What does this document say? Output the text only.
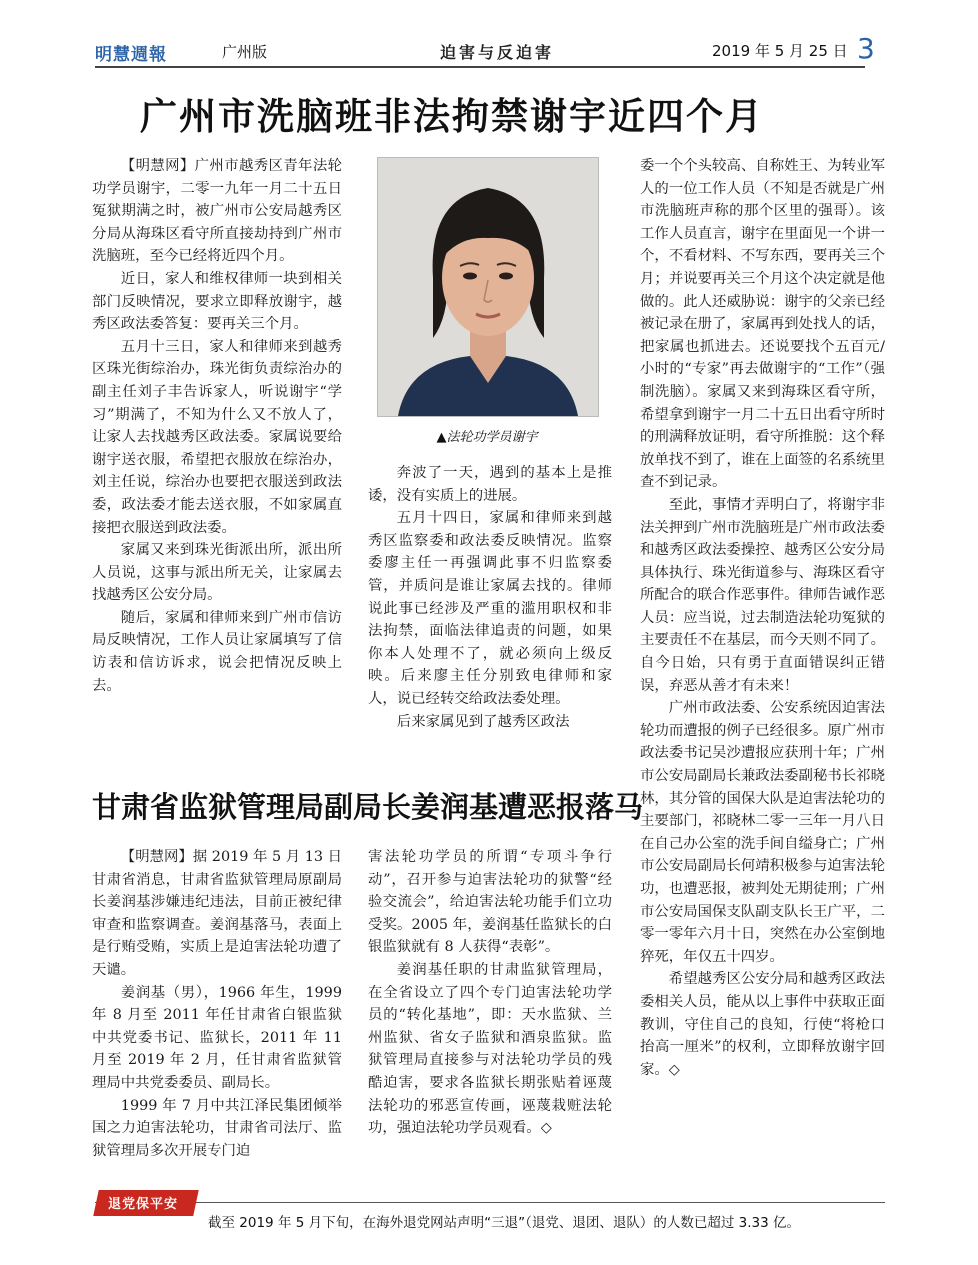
明慧週報	广州版	迫害与反迫害	2019 年 5 月 25 日 3
广州市洗脑班非法拘禁谢宇近四个月

【明慧网】广州市越秀区青年法轮功学员谢宇，二零一九年一月二十五日冤狱期满之时，被广州市公安局越秀区分局从海珠区看守所直接劫持到广州市洗脑班，至今已经将近四个月。

近日，家人和维权律师一块到相关部门反映情况，要求立即释放谢宇，越秀区政法委答复：要再关三个月。

五月十三日，家人和律师来到越秀区珠光街综治办，珠光街负责综治办的副主任刘子丰告诉家人，听说谢宇“学习”期满了，不知为什么又不放人了，让家人去找越秀区政法委。家属说要给谢宇送衣服，希望把衣服放在综治办，刘主任说，综治办也要把衣服送到政法委，政法委才能去送衣服，不如家属直接把衣服送到政法委。

家属又来到珠光街派出所，派出所人员说，这事与派出所无关，让家属去找越秀区公安分局。

随后，家属和律师来到广州市信访局反映情况，工作人员让家属填写了信访表和信访诉求，说会把情况反映上去。

▲法轮功学员谢宇

奔波了一天，遇到的基本上是推诿，没有实质上的进展。

五月十四日，家属和律师来到越秀区监察委和政法委反映情况。监察委廖主任一再强调此事不归监察委管，并质问是谁让家属去找的。律师说此事已经涉及严重的滥用职权和非法拘禁，面临法律追责的问题，如果你本人处理不了，就必须向上级反映。后来廖主任分别致电律师和家人，说已经转交给政法委处理。

后来家属见到了越秀区政法

委一个个头较高、自称姓王、为转业军人的一位工作人员（不知是否就是广州市洗脑班声称的那个区里的强哥）。该工作人员直言，谢宇在里面见一个讲一个，不看材料、不写东西，要再关三个月；并说要再关三个月这个决定就是他做的。此人还威胁说：谢宇的父亲已经被记录在册了，家属再到处找人的话，把家属也抓进去。还说要找个五百元/小时的“专家”再去做谢宇的“工作”（强制洗脑）。家属又来到海珠区看守所，希望拿到谢宇一月二十五日出看守所时的刑满释放证明，看守所推脱：这个释放单找不到了，谁在上面签的名系统里查不到记录。

至此，事情才弄明白了，将谢宇非法关押到广州市洗脑班是广州市政法委和越秀区政法委操控、越秀区公安分局具体执行、珠光街道参与、海珠区看守所配合的联合作恶事件。律师告诫作恶人员：应当说，过去制造法轮功冤狱的主要责任不在基层，而今天则不同了。自今日始，只有勇于直面错误纠正错误，弃恶从善才有未来！

广州市政法委、公安系统因迫害法轮功而遭报的例子已经很多。原广州市政法委书记吴沙遭报应获刑十年；广州市公安局副局长兼政法委副秘书长祁晓林，其分管的国保大队是迫害法轮功的主要部门，祁晓林二零一三年一月八日在自己办公室的洗手间自缢身亡；广州市公安局副局长何靖积极参与迫害法轮功，也遭恶报，被判处无期徒刑；广州市公安局国保支队副支队长王广平，二零一零年六月十日，突然在办公室倒地猝死，年仅五十四岁。

希望越秀区公安分局和越秀区政法委相关人员，能从以上事件中获取正面教训，守住自己的良知，行使“将枪口抬高一厘米”的权利，立即释放谢宇回家。◇

甘肃省监狱管理局副局长姜润基遭恶报落马

【明慧网】据 2019 年 5 月 13 日甘肃省消息，甘肃省监狱管理局原副局长姜润基涉嫌违纪违法，目前正被纪律审查和监察调查。姜润基落马，表面上是行贿受贿，实质上是迫害法轮功遭了天谴。

姜润基（男），1966 年生，1999 年 8 月至 2011 年任甘肃省白银监狱中共党委书记、监狱长，2011 年 11 月至 2019 年 2 月，任甘肃省监狱管理局中共党委委员、副局长。

1999 年 7 月中共江泽民集团倾举国之力迫害法轮功，甘肃省司法厅、监狱管理局多次开展专门迫

害法轮功学员的所谓“专项斗争行动”，召开参与迫害法轮功的狱警“经验交流会”，给迫害法轮功能手们立功受奖。2005 年，姜润基任监狱长的白银监狱就有 8 人获得“表彰”。

姜润基任职的甘肃监狱管理局，在全省设立了四个专门迫害法轮功学员的“转化基地”，即：天水监狱、兰州监狱、省女子监狱和酒泉监狱。监狱管理局直接参与对法轮功学员的残酷迫害，要求各监狱长期张贴着诬蔑法轮功的邪恶宣传画，诬蔑栽赃法轮功，强迫法轮功学员观看。◇

退党保平安
截至 2019 年 5 月下旬，在海外退党网站声明“三退”（退党、退团、退队）的人数已超过 3.33 亿。
